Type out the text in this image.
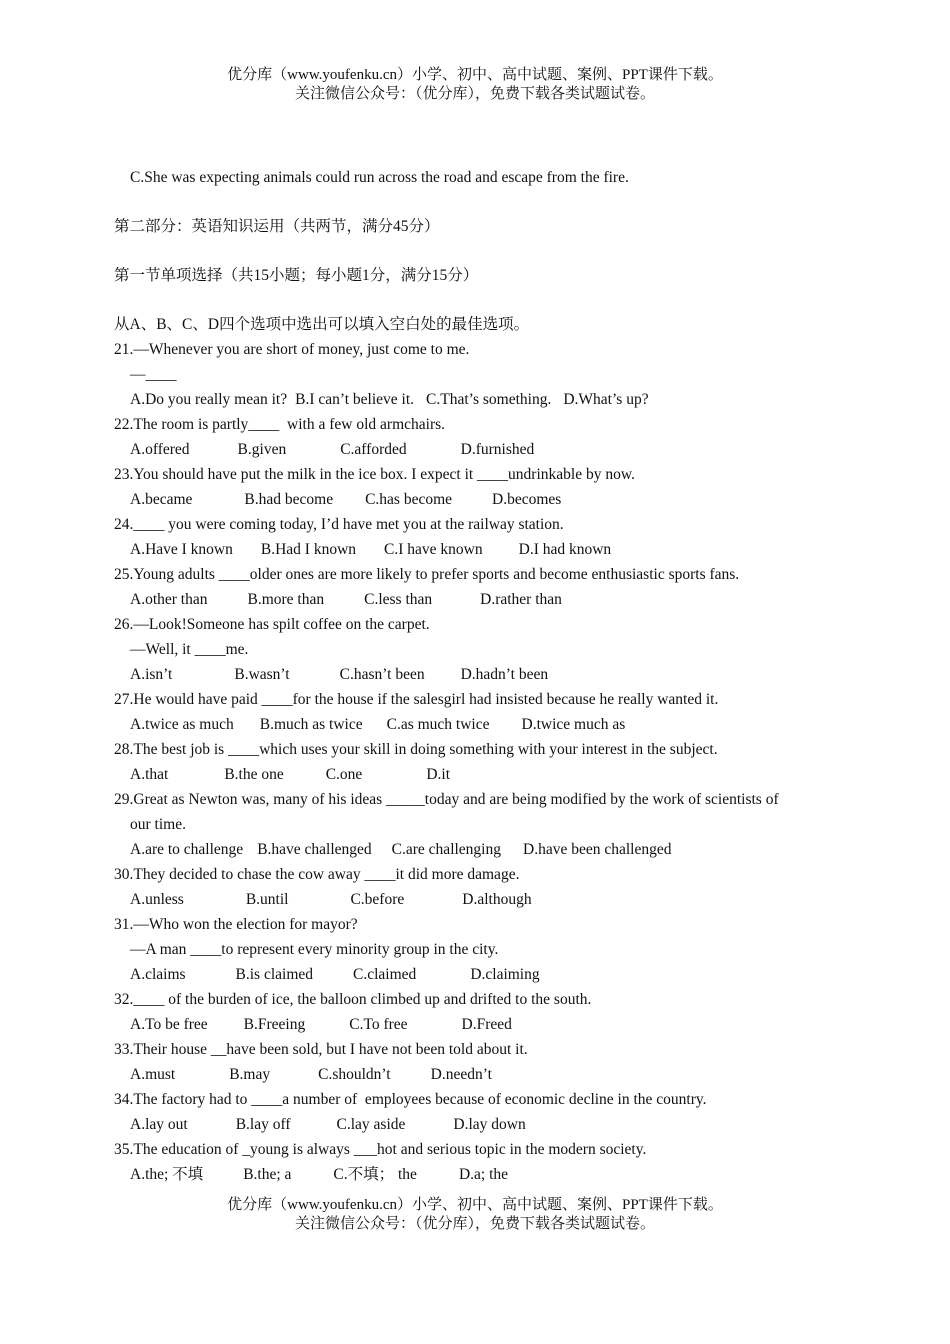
优分库（www.youfenku.cn）小学、初中、高中试题、案例、PPT课件下载。
关注微信公众号：（优分库），免费下载各类试题试卷。
C.She was expecting animals could run across the road and escape from the fire.
第二部分：英语知识运用（共两节，满分45分）
第一节单项选择（共15小题；每小题1分，满分15分）
从A、B、C、D四个选项中选出可以填入空白处的最佳选项。
21.—Whenever you are short of money, just come to me.
—____
A.Do you really mean it? B.I can’t believe it. C.That’s something. D.What’s up?
22.The room is partly____  with a few old armchairs.
A.offered	B.given	C.afforded	D.furnished
23.You should have put the milk in the ice box. I expect it ____undrinkable by now.
A.became	B.had become C.has become	D.becomes
24.____ you were coming today, I’d have met you at the railway station.
A.Have I known B.Had I known C.I have known D.I had known
25.Young adults ____older ones are more likely to prefer sports and become enthusiastic sports fans.
A.other than	B.more than	C.less than	D.rather than
26.—Look!Someone has spilt coffee on the carpet.
—Well, it ____me.
A.isn’t	B.wasn’t	C.hasn’t been D.hadn’t been
27.He would have paid ____for the house if the salesgirl had insisted because he really wanted it.
A.twice as much B.much as twice C.as much twice D.twice much as
28.The best job is ____which uses your skill in doing something with your interest in the subject.
A.that	B.the one	C.one	D.it
29.Great as Newton was, many of his ideas _____today and are being modified by the work of scientists of
our time.
A.are to challenge B.have challenged C.are challenging D.have been challenged
30.They decided to chase the cow away ____it did more damage.
A.unless	B.until	C.before	D.although
31.—Who won the election for mayor?
—A man ____to represent every minority group in the city.
A.claims	B.is claimed	C.claimed	D.claiming
32.____ of the burden of ice, the balloon climbed up and drifted to the south.
A.To be free B.Freeing	C.To free	D.Freed
33.Their house __have been sold, but I have not been told about it.
A.must	B.may	C.shouldn’t	D.needn’t
34.The factory had to ____a number of  employees because of economic decline in the country.
A.lay out	B.lay off	C.lay aside	D.lay down
35.The education of _young is always ___hot and serious topic in the modern society.
A.the; 不填	B.the; a	C.不填； the	D.a; the
优分库（www.youfenku.cn）小学、初中、高中试题、案例、PPT课件下载。
关注微信公众号：（优分库），免费下载各类试题试卷。
